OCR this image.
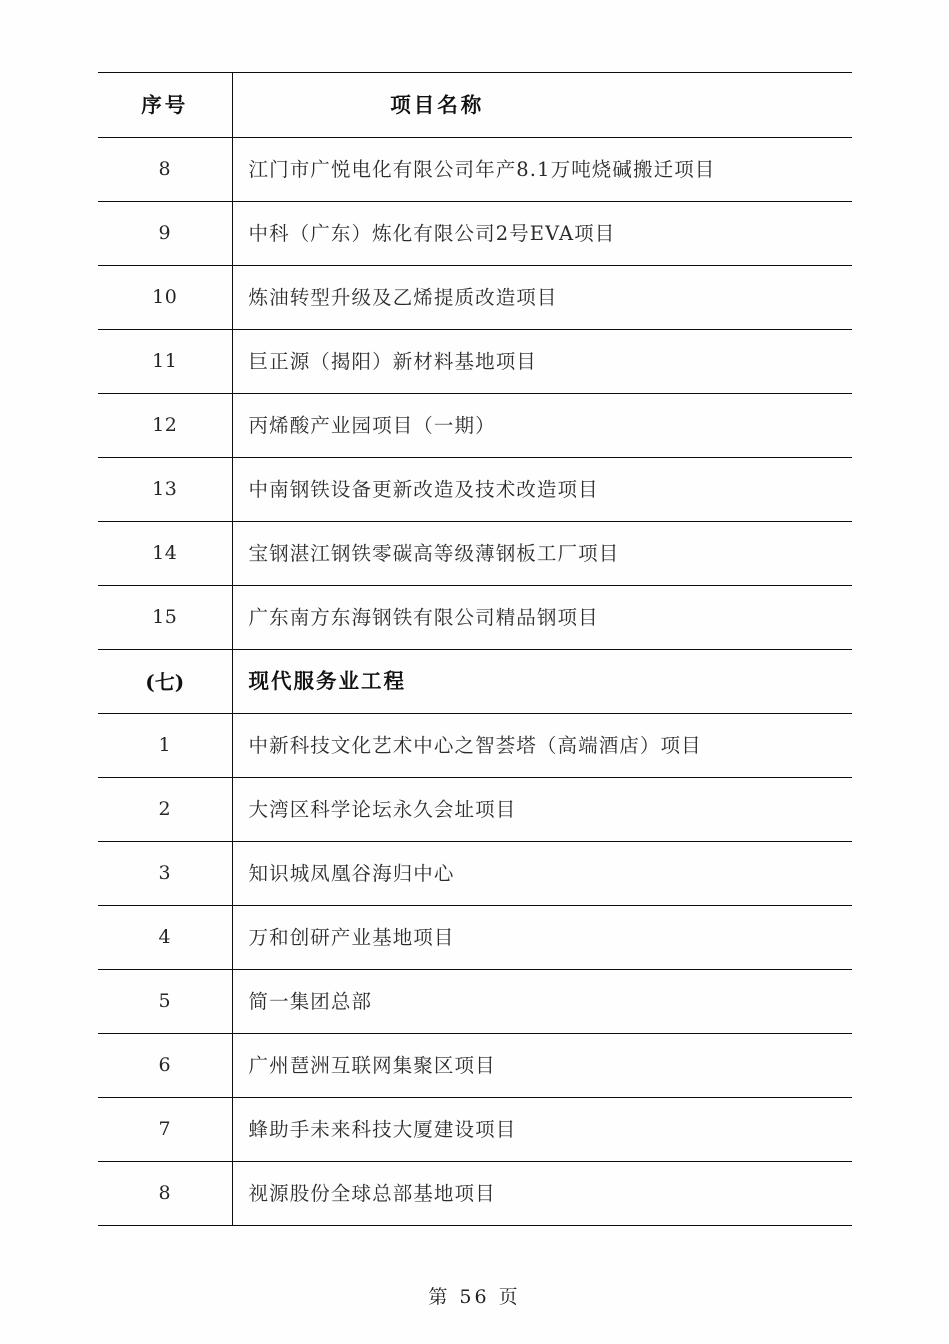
序号	项目名称

8	江门市广悦电化有限公司年产8.1万吨烧碱搬迁项目

9	中科（广东）炼化有限公司2号EVA项目

10	炼油转型升级及乙烯提质改造项目

11	巨正源（揭阳）新材料基地项目

12	丙烯酸产业园项目（一期）

13	中南钢铁设备更新改造及技术改造项目

14	宝钢湛江钢铁零碳高等级薄钢板工厂项目

15	广东南方东海钢铁有限公司精品钢项目

(七)	现代服务业工程

1	中新科技文化艺术中心之智荟塔（高端酒店）项目

2	大湾区科学论坛永久会址项目

3	知识城凤凰谷海归中心

4	万和创研产业基地项目

5	简一集团总部

6	广州琶洲互联网集聚区项目

7	蜂助手未来科技大厦建设项目

8	视源股份全球总部基地项目
第 56 页
